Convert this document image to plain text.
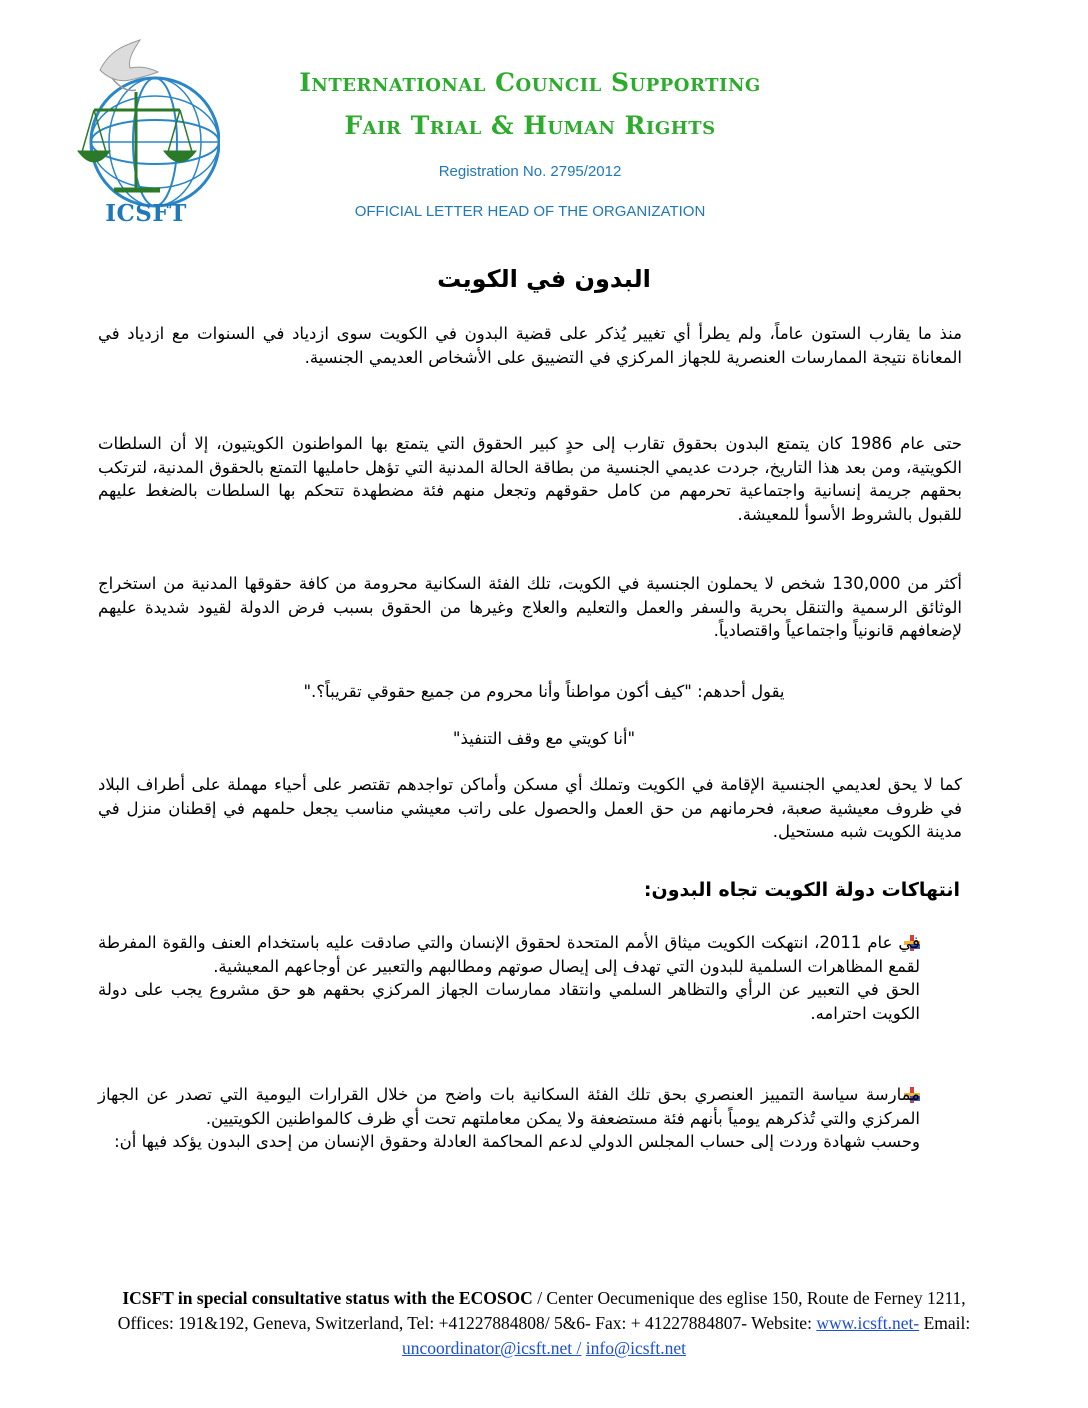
ICSFT
International Council Supporting
Fair Trial & Human Rights
Registration No. 2795/2012
OFFICIAL LETTER HEAD OF THE ORGANIZATION
البدون في الكويت
منذ ما يقارب الستون عاماً، ولم يطرأ أي تغيير يُذكر على قضية البدون في الكويت سوى ازدياد في السنوات مع ازدياد في المعاناة نتيجة الممارسات العنصرية للجهاز المركزي في التضييق على الأشخاص العديمي الجنسية.
حتى عام 1986 كان يتمتع البدون بحقوق تقارب إلى حدٍ كبير الحقوق التي يتمتع بها المواطنون الكويتيون، إلا أن السلطات الكويتية، ومن بعد هذا التاريخ، جردت عديمي الجنسية من بطاقة الحالة المدنية التي تؤهل حامليها التمتع بالحقوق المدنية، لترتكب بحقهم جريمة إنسانية واجتماعية تحرمهم من كامل حقوقهم وتجعل منهم فئة مضطهدة تتحكم بها السلطات بالضغط عليهم للقبول بالشروط الأسوأ للمعيشة.
أكثر من 130,000 شخص لا يحملون الجنسية في الكويت، تلك الفئة السكانية محرومة من كافة حقوقها المدنية من استخراج الوثائق الرسمية والتنقل بحرية والسفر والعمل والتعليم والعلاج وغيرها من الحقوق بسبب فرض الدولة لقيود شديدة عليهم لإضعافهم قانونياً واجتماعياً واقتصادياً.
يقول أحدهم: "كيف أكون مواطناً وأنا محروم من جميع حقوقي تقريباً؟."
"أنا كويتي مع وقف التنفيذ"
كما لا يحق لعديمي الجنسية الإقامة في الكويت وتملك أي مسكن وأماكن تواجدهم تقتصر على أحياء مهملة على أطراف البلاد في ظروف معيشية صعبة، فحرمانهم من حق العمل والحصول على راتب معيشي مناسب يجعل حلمهم في إقطنان منزل في مدينة الكويت شبه مستحيل.
انتهاكات دولة الكويت تجاه البدون:
في عام 2011، انتهكت الكويت ميثاق الأمم المتحدة لحقوق الإنسان والتي صادقت عليه باستخدام العنف والقوة المفرطة لقمع المظاهرات السلمية للبدون التي تهدف إلى إيصال صوتهم ومطالبهم والتعبير عن أوجاعهم المعيشية.
الحق في التعبير عن الرأي والتظاهر السلمي وانتقاد ممارسات الجهاز المركزي بحقهم هو حق مشروع يجب على دولة الكويت احترامه.
ممارسة سياسة التمييز العنصري بحق تلك الفئة السكانية بات واضح من خلال القرارات اليومية التي تصدر عن الجهاز المركزي والتي تُذكرهم يومياً بأنهم فئة مستضعفة ولا يمكن معاملتهم تحت أي ظرف كالمواطنين الكويتيين.
وحسب شهادة وردت إلى حساب المجلس الدولي لدعم المحاكمة العادلة وحقوق الإنسان من إحدى البدون يؤكد فيها أن:
ICSFT in special consultative status with the ECOSOC / Center Oecumenique des eglise 150, Route de Ferney 1211, Offices: 191&192, Geneva, Switzerland, Tel: +41227884808/ 5&6- Fax: + 41227884807- Website: www.icsft.net- Email: uncoordinator@icsft.net / info@icsft.net
